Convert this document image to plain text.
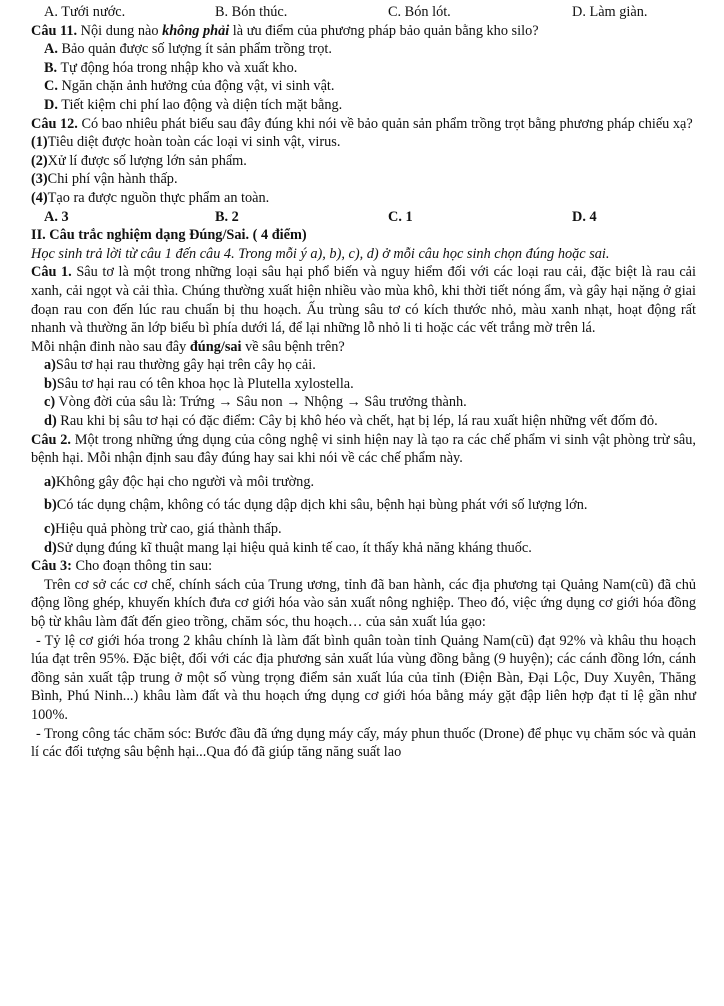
A. Tưới nước.	B. Bón thúc.	C. Bón lót.	D. Làm giàn.
Câu 11. Nội dung nào không phải là ưu điểm của phương pháp bảo quản bằng kho silo?
A. Bảo quản được số lượng ít sản phẩm trồng trọt.
B. Tự động hóa trong nhập kho và xuất kho.
C. Ngăn chặn ảnh hưởng của động vật, vi sinh vật.
D. Tiết kiệm chi phí lao động và diện tích mặt bằng.
Câu 12. Có bao nhiêu phát biểu sau đây đúng khi nói về bảo quản sản phẩm trồng trọt bằng phương pháp chiếu xạ?
(1)Tiêu diệt được hoàn toàn các loại vi sinh vật, virus.
(2)Xử lí được số lượng lớn sản phẩm.
(3)Chi phí vận hành thấp.
(4)Tạo ra được nguồn thực phẩm an toàn.
A. 3	B. 2	C. 1	D. 4
II. Câu trắc nghiệm dạng Đúng/Sai. ( 4 điểm)
Học sinh trả lời từ câu 1 đến câu 4. Trong mỗi ý a), b), c), d) ở mỗi câu học sinh chọn đúng hoặc sai.
Câu 1. Sâu tơ là một trong những loại sâu hại phổ biến và nguy hiểm đối với các loại rau cải, đặc biệt là rau cải xanh, cải ngọt và cải thìa. Chúng thường xuất hiện nhiều vào mùa khô, khi thời tiết nóng ẩm, và gây hại nặng ở giai đoạn rau con đến lúc rau chuẩn bị thu hoạch. Ấu trùng sâu tơ có kích thước nhỏ, màu xanh nhạt, hoạt động rất nhanh và thường ăn lớp biểu bì phía dưới lá, để lại những lỗ nhỏ li ti hoặc các vết trắng mờ trên lá.
Mỗi nhận đinh nào sau đây đúng/sai về sâu bệnh trên?
a)Sâu tơ hại rau thường gây hại trên cây họ cải.
b)Sâu tơ hại rau có tên khoa học là Plutella xylostella.
c) Vòng đời của sâu là: Trứng → Sâu non → Nhộng → Sâu trưởng thành.
d) Rau khi bị sâu tơ hại có đặc điểm: Cây bị khô héo và chết, hạt bị lép, lá rau xuất hiện những vết đốm đỏ.
Câu 2. Một trong những ứng dụng của công nghệ vi sinh hiện nay là tạo ra các chế phẩm vi sinh vật phòng trừ sâu, bệnh hại. Mỗi nhận định sau đây đúng hay sai khi nói về các chế phẩm này.
a)Không gây độc hại cho người và môi trường.
b)Có tác dụng chậm, không có tác dụng dập dịch khi sâu, bệnh hại bùng phát với số lượng lớn.
c)Hiệu quả phòng trừ cao, giá thành thấp.
d)Sử dụng đúng kĩ thuật mang lại hiệu quả kinh tế cao, ít thấy khả năng kháng thuốc.
Câu 3: Cho đoạn thông tin sau:
Trên cơ sở các cơ chế, chính sách của Trung ương, tỉnh đã ban hành, các địa phương tại Quảng Nam(cũ) đã chủ động lồng ghép, khuyến khích đưa cơ giới hóa vào sản xuất nông nghiệp. Theo đó, việc ứng dụng cơ giới hóa đồng bộ từ khâu làm đất đến gieo trồng, chăm sóc, thu hoạch… của sản xuất lúa gạo:
- Tỷ lệ cơ giới hóa trong 2 khâu chính là làm đất bình quân toàn tỉnh Quảng Nam(cũ) đạt 92% và khâu thu hoạch lúa đạt trên 95%. Đặc biệt, đối với các địa phương sản xuất lúa vùng đồng bằng (9 huyện); các cánh đồng lớn, cánh đồng sản xuất tập trung ở một số vùng trọng điểm sản xuất lúa của tỉnh (Điện Bàn, Đại Lộc, Duy Xuyên, Thăng Bình, Phú Ninh...) khâu làm đất và thu hoạch ứng dụng cơ giới hóa bằng máy gặt đập liên hợp đạt tỉ lệ gần như 100%.
- Trong công tác chăm sóc: Bước đầu đã ứng dụng máy cấy, máy phun thuốc (Drone) để phục vụ chăm sóc và quản lí các đối tượng sâu bệnh hại...Qua đó đã giúp tăng năng suất lao
